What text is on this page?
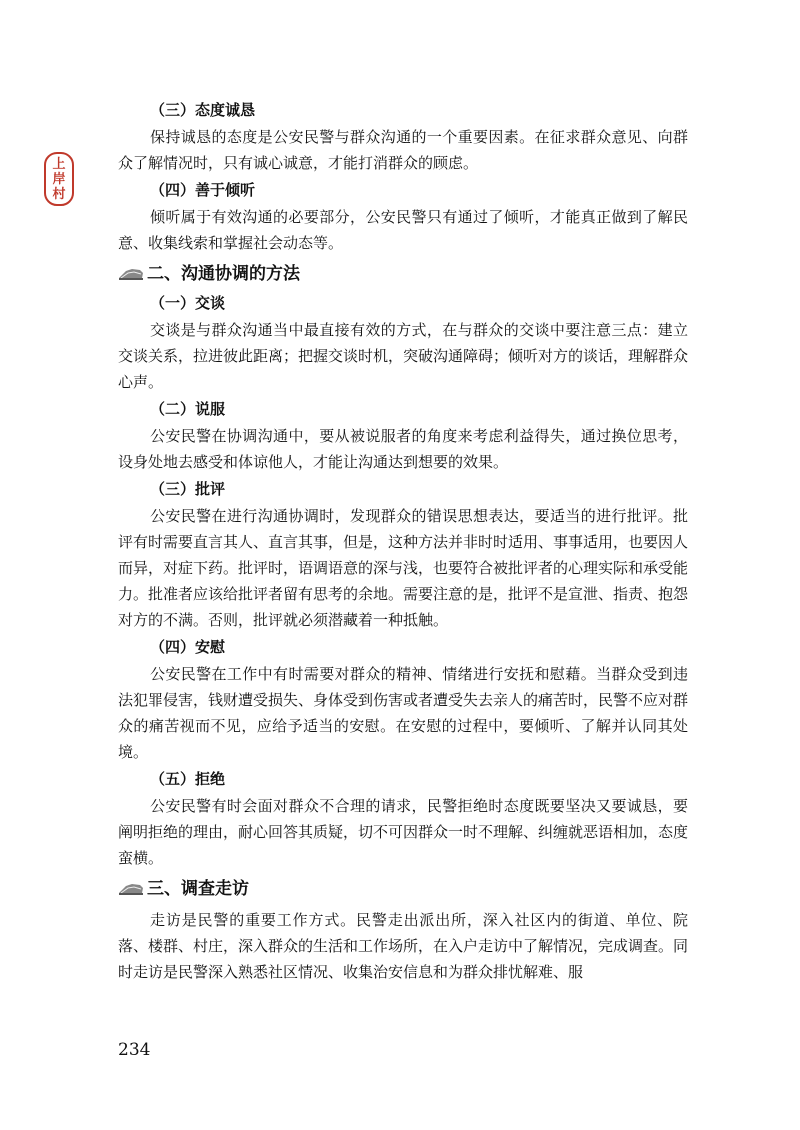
上
岸
村
（三）态度诚恳

保持诚恳的态度是公安民警与群众沟通的一个重要因素。在征求群众意见、向群众了解情况时，只有诚心诚意，才能打消群众的顾虑。

（四）善于倾听

倾听属于有效沟通的必要部分，公安民警只有通过了倾听，才能真正做到了解民意、收集线索和掌握社会动态等。

二、沟通协调的方法
（一）交谈

交谈是与群众沟通当中最直接有效的方式，在与群众的交谈中要注意三点：建立交谈关系，拉进彼此距离；把握交谈时机，突破沟通障碍；倾听对方的谈话，理解群众心声。

（二）说服

公安民警在协调沟通中，要从被说服者的角度来考虑利益得失，通过换位思考，设身处地去感受和体谅他人，才能让沟通达到想要的效果。

（三）批评

公安民警在进行沟通协调时，发现群众的错误思想表达，要适当的进行批评。批评有时需要直言其人、直言其事，但是，这种方法并非时时适用、事事适用，也要因人而异，对症下药。批评时，语调语意的深与浅，也要符合被批评者的心理实际和承受能力。批准者应该给批评者留有思考的余地。需要注意的是，批评不是宣泄、指责、抱怨对方的不满。否则，批评就必须潜藏着一种抵触。

（四）安慰

公安民警在工作中有时需要对群众的精神、情绪进行安抚和慰藉。当群众受到违法犯罪侵害，钱财遭受损失、身体受到伤害或者遭受失去亲人的痛苦时，民警不应对群众的痛苦视而不见，应给予适当的安慰。在安慰的过程中，要倾听、了解并认同其处境。

（五）拒绝

公安民警有时会面对群众不合理的请求，民警拒绝时态度既要坚决又要诚恳，要阐明拒绝的理由，耐心回答其质疑，切不可因群众一时不理解、纠缠就恶语相加，态度蛮横。

三、调查走访

走访是民警的重要工作方式。民警走出派出所，深入社区内的街道、单位、院落、楼群、村庄，深入群众的生活和工作场所，在入户走访中了解情况，完成调查。同时走访是民警深入熟悉社区情况、收集治安信息和为群众排忧解难、服

234
